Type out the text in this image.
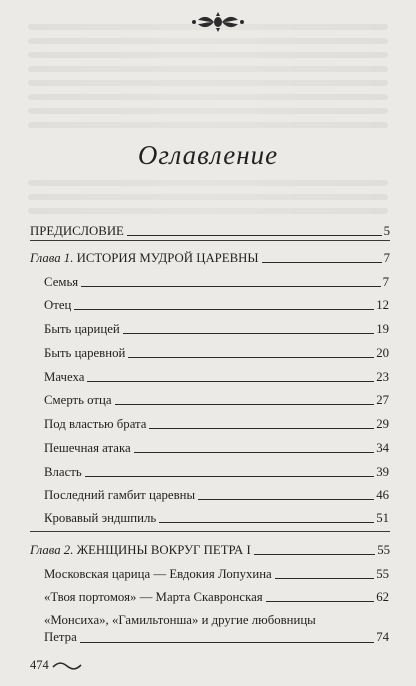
Оглавление
ПРЕДИСЛОВИЕ	5
Глава 1. ИСТОРИЯ МУДРОЙ ЦАРЕВНЫ	7
Семья	7
Отец	12
Быть царицей	19
Быть царевной	20
Мачеха	23
Смерть отца	27
Под властью брата	29
Пешечная атака	34
Власть	39
Последний гамбит царевны	46
Кровавый эндшпиль	51
Глава 2. ЖЕНЩИНЫ ВОКРУГ ПЕТРА I	55
Московская царица — Евдокия Лопухина	55
«Твоя портомоя» — Марта Скавронская	62
«Монсиха», «Гамильтонша» и другие любовницы
Петра	74
474
